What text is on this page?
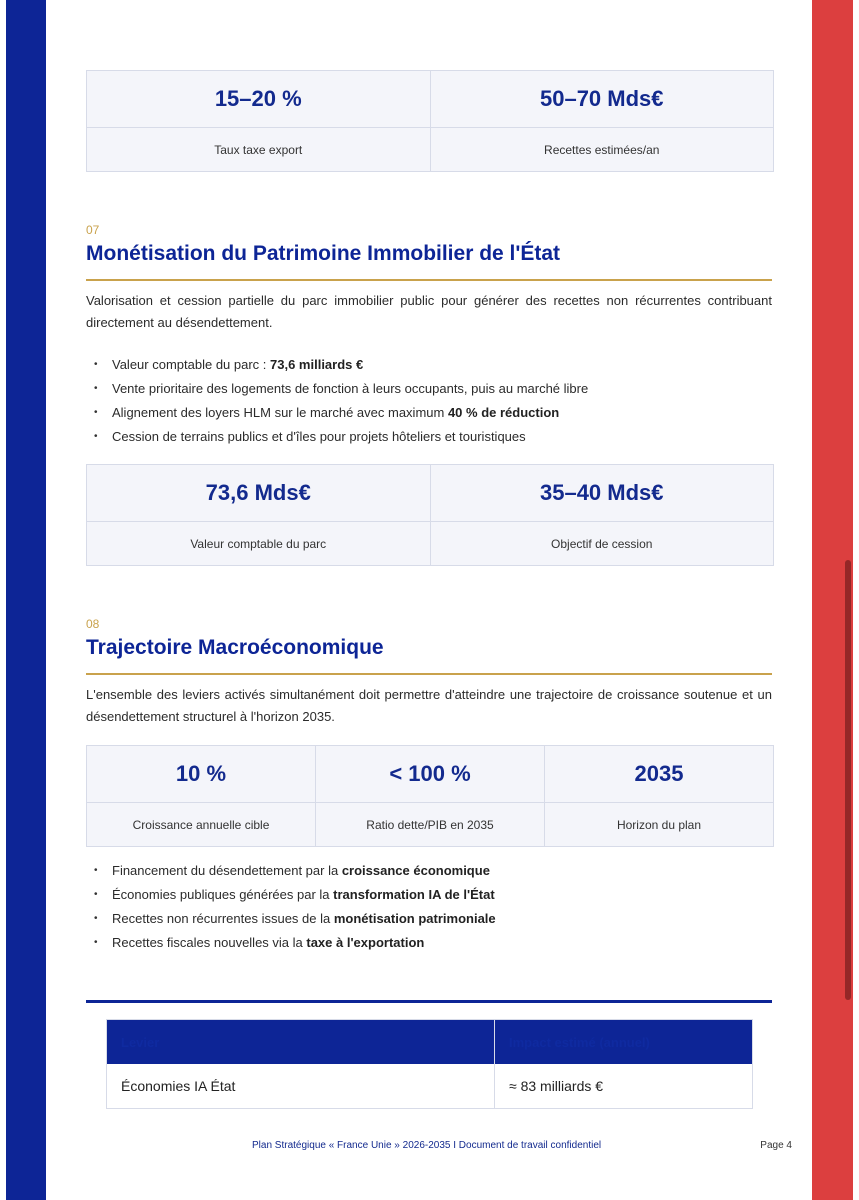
15–20 %
Taux taxe export
50–70 Mds€
Recettes estimées/an
07
Monétisation du Patrimoine Immobilier de l'État

Valorisation et cession partielle du parc immobilier public pour générer des recettes non récurrentes contribuant directement au désendettement.

• Valeur comptable du parc : 73,6 milliards €
• Vente prioritaire des logements de fonction à leurs occupants, puis au marché libre
• Alignement des loyers HLM sur le marché avec maximum 40 % de réduction
• Cession de terrains publics et d'îles pour projets hôteliers et touristiques
73,6 Mds€
Valeur comptable du parc
35–40 Mds€
Objectif de cession
08
Trajectoire Macroéconomique

L'ensemble des leviers activés simultanément doit permettre d'atteindre une trajectoire de croissance soutenue et un désendettement structurel à l'horizon 2035.

10 %
Croissance annuelle cible
< 100 %
Ratio dette/PIB en 2035
2035
Horizon du plan
• Financement du désendettement par la croissance économique
• Économies publiques générées par la transformation IA de l'État
• Recettes non récurrentes issues de la monétisation patrimoniale
• Recettes fiscales nouvelles via la taxe à l'exportation
Levier	Impact estimé (annuel)
Économies IA État	≈ 83 milliards €
Plan Stratégique « France Unie » 2026-2035 I Document de travail confidentiel	Page 4
